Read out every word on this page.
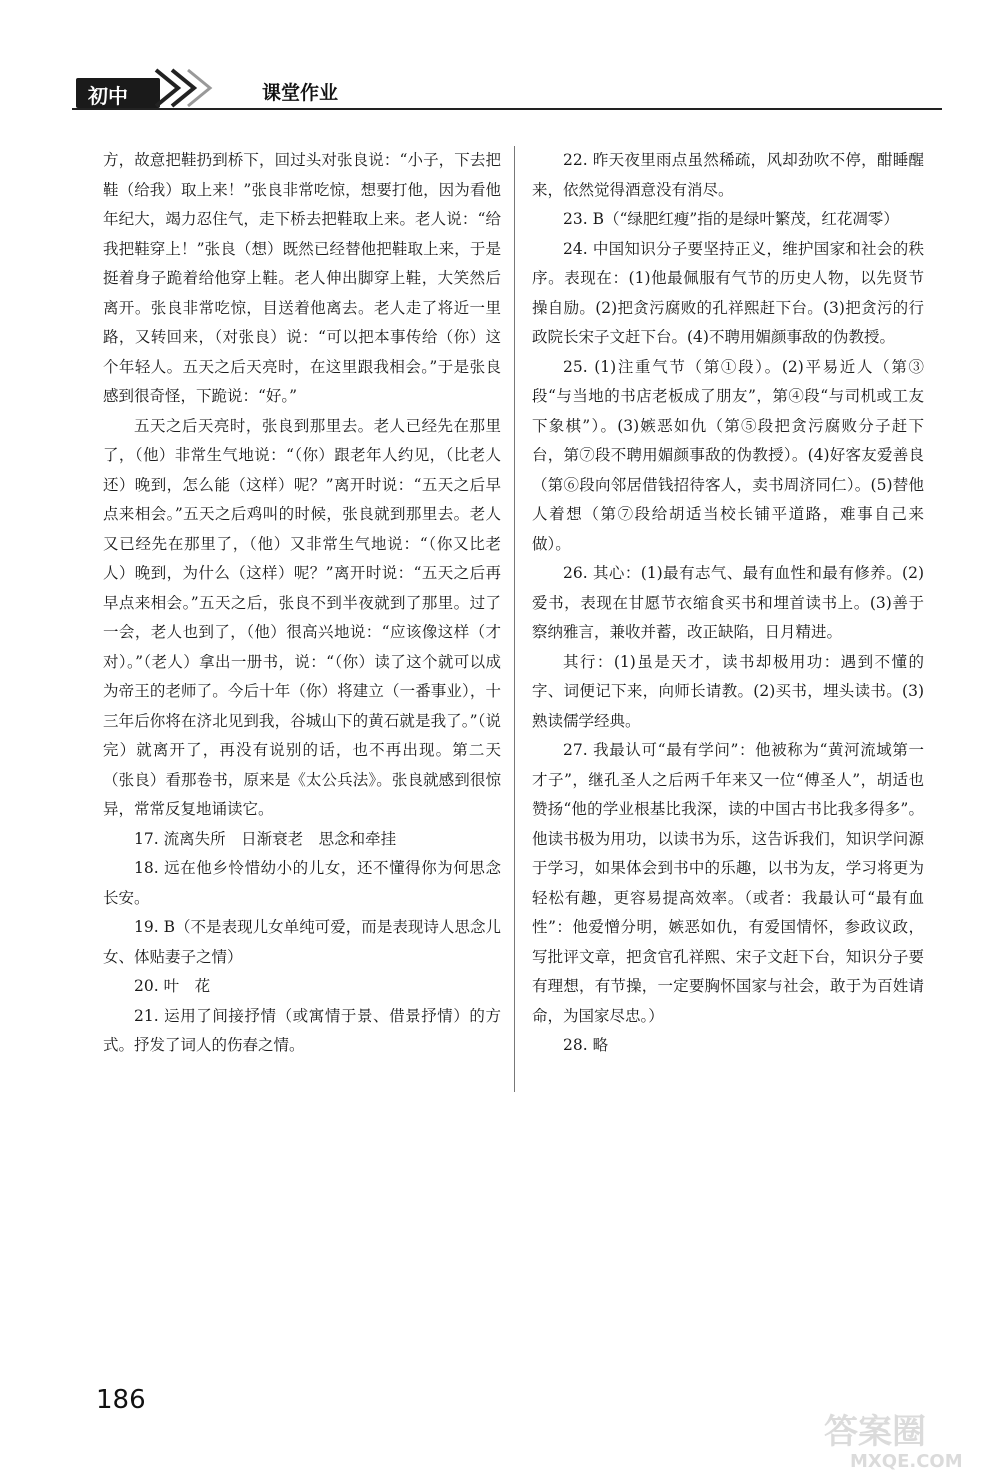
初中	课堂作业

方，故意把鞋扔到桥下，回过头对张良说：“小子，下去把鞋（给我）取上来！”张良非常吃惊，想要打他，因为看他年纪大，竭力忍住气，走下桥去把鞋取上来。老人说：“给我把鞋穿上！”张良（想）既然已经替他把鞋取上来，于是挺着身子跪着给他穿上鞋。老人伸出脚穿上鞋，大笑然后离开。张良非常吃惊，目送着他离去。老人走了将近一里路，又转回来，（对张良）说：“可以把本事传给（你）这个年轻人。五天之后天亮时，在这里跟我相会。”于是张良感到很奇怪，下跪说：“好。”

五天之后天亮时，张良到那里去。老人已经先在那里了，（他）非常生气地说：“（你）跟老年人约见，（比老人还）晚到，怎么能（这样）呢？”离开时说：“五天之后早点来相会。”五天之后鸡叫的时候，张良就到那里去。老人又已经先在那里了，（他）又非常生气地说：“（你又比老人）晚到，为什么（这样）呢？”离开时说：“五天之后再早点来相会。”五天之后，张良不到半夜就到了那里。过了一会，老人也到了，（他）很高兴地说：“应该像这样（才对）。”（老人）拿出一册书，说：“（你）读了这个就可以成为帝王的老师了。今后十年（你）将建立（一番事业），十三年后你将在济北见到我，谷城山下的黄石就是我了。”（说完）就离开了，再没有说别的话，也不再出现。第二天（张良）看那卷书，原来是《太公兵法》。张良就感到很惊异，常常反复地诵读它。

17. 流离失所　日渐衰老　思念和牵挂

18. 远在他乡怜惜幼小的儿女，还不懂得你为何思念长安。

19. B（不是表现儿女单纯可爱，而是表现诗人思念儿女、体贴妻子之情）

20. 叶　花

21. 运用了间接抒情（或寓情于景、借景抒情）的方式。抒发了词人的伤春之情。

22. 昨天夜里雨点虽然稀疏，风却劲吹不停，酣睡醒来，依然觉得酒意没有消尽。

23. B（“绿肥红瘦”指的是绿叶繁茂，红花凋零）

24. 中国知识分子要坚持正义，维护国家和社会的秩序。表现在：(1)他最佩服有气节的历史人物，以先贤节操自励。(2)把贪污腐败的孔祥熙赶下台。(3)把贪污的行政院长宋子文赶下台。(4)不聘用媚颜事敌的伪教授。

25. (1)注重气节（第①段）。(2)平易近人（第③段“与当地的书店老板成了朋友”，第④段“与司机或工友下象棋”）。(3)嫉恶如仇（第⑤段把贪污腐败分子赶下台，第⑦段不聘用媚颜事敌的伪教授）。(4)好客友爱善良（第⑥段向邻居借钱招待客人，卖书周济同仁）。(5)替他人着想（第⑦段给胡适当校长铺平道路，难事自己来做）。

26. 其心：(1)最有志气、最有血性和最有修养。(2)爱书，表现在甘愿节衣缩食买书和埋首读书上。(3)善于察纳雅言，兼收并蓄，改正缺陷，日月精进。

其行：(1)虽是天才，读书却极用功：遇到不懂的字、词便记下来，向师长请教。(2)买书，埋头读书。(3)熟读儒学经典。

27. 我最认可“最有学问”：他被称为“黄河流域第一才子”，继孔圣人之后两千年来又一位“傅圣人”，胡适也赞扬“他的学业根基比我深，读的中国古书比我多得多”。他读书极为用功，以读书为乐，这告诉我们，知识学问源于学习，如果体会到书中的乐趣，以书为友，学习将更为轻松有趣，更容易提高效率。（或者：我最认可“最有血性”：他爱憎分明，嫉恶如仇，有爱国情怀，参政议政，写批评文章，把贪官孔祥熙、宋子文赶下台，知识分子要有理想，有节操，一定要胸怀国家与社会，敢于为百姓请命，为国家尽忠。）

28. 略

186
答案圈
MXQE.COM
